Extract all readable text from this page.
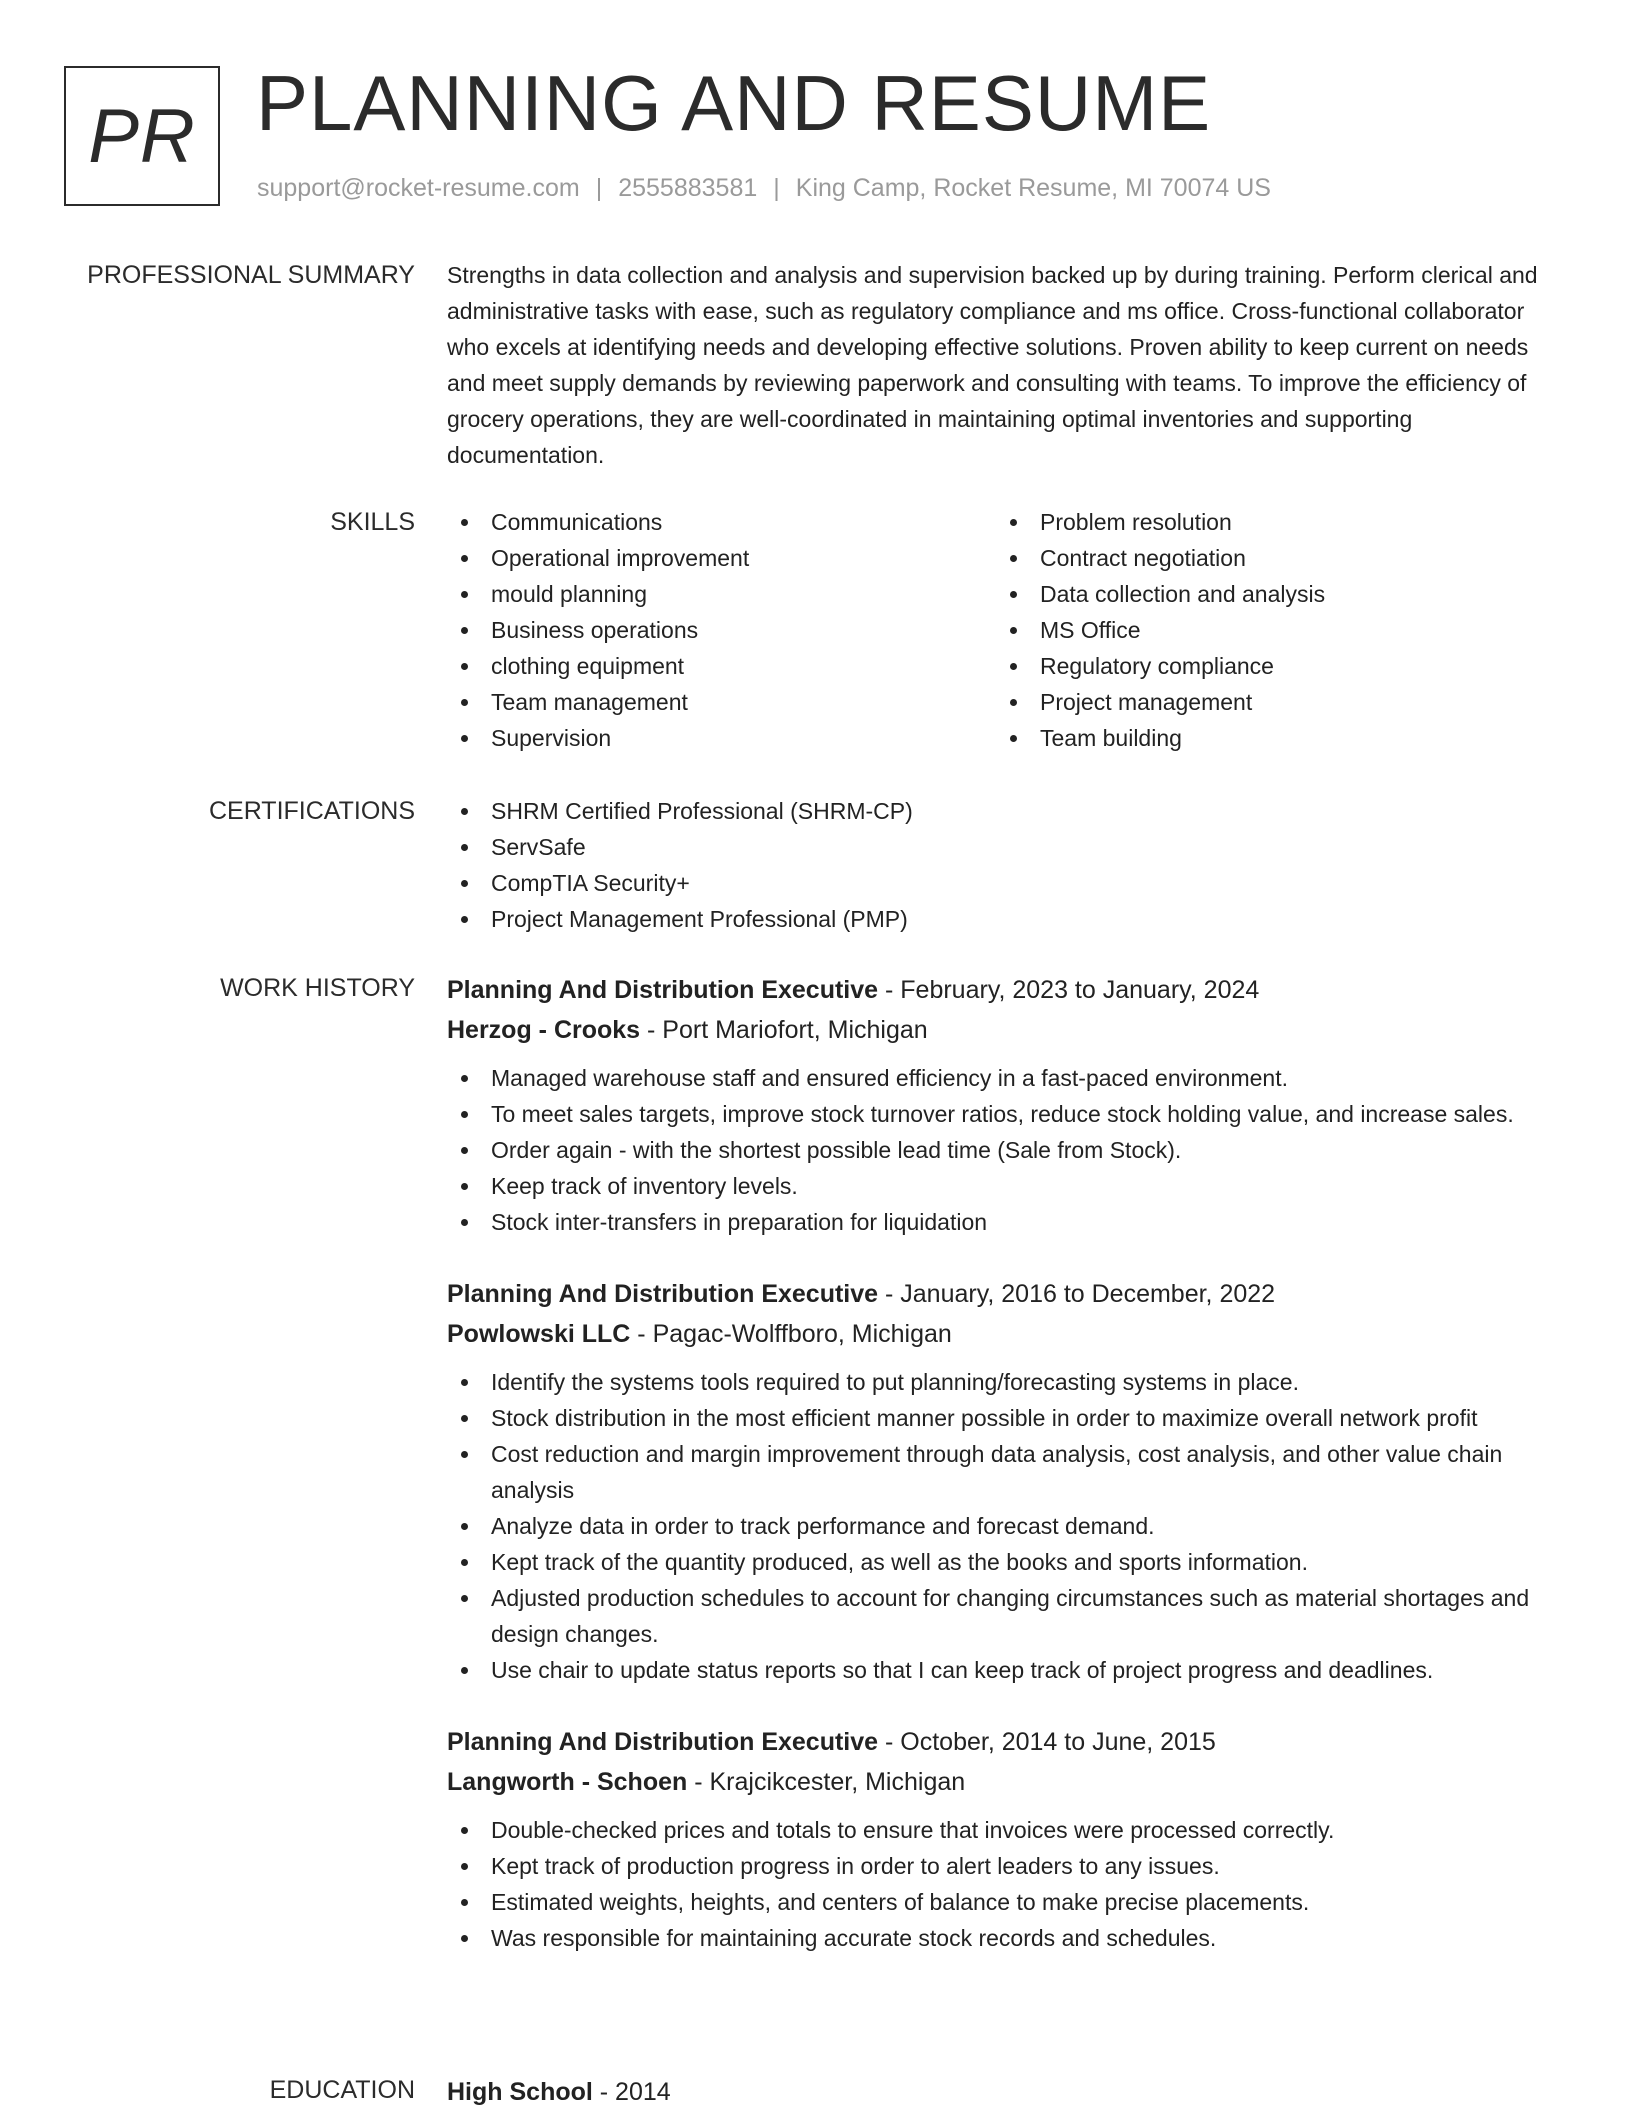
PR PLANNING AND RESUME
support@rocket-resume.com | 2555883581 | King Camp, Rocket Resume, MI 70074 US
PROFESSIONAL SUMMARY Strengths in data collection and analysis and supervision backed up by during training. Perform clerical and administrative tasks with ease, such as regulatory compliance and ms office. Cross-functional collaborator who excels at identifying needs and developing effective solutions. Proven ability to keep current on needs and meet supply demands by reviewing paperwork and consulting with teams. To improve the efficiency of grocery operations, they are well-coordinated in maintaining optimal inventories and supporting documentation.
SKILLS	Communications
Operational improvement
mould planning
Business operations
clothing equipment
Team management
Supervision
Problem resolution
Contract negotiation
Data collection and analysis
MS Office
Regulatory compliance
Project management
Team building
CERTIFICATIONS	SHRM Certified Professional (SHRM-CP)
ServSafe
CompTIA Security+
Project Management Professional (PMP)
WORK HISTORY Planning And Distribution Executive - February, 2023 to January, 2024
Herzog - Crooks - Port Mariofort, Michigan
Managed warehouse staff and ensured efficiency in a fast-paced environment.
To meet sales targets, improve stock turnover ratios, reduce stock holding value, and increase sales.
Order again - with the shortest possible lead time (Sale from Stock).
Keep track of inventory levels.
Stock inter-transfers in preparation for liquidation
Planning And Distribution Executive - January, 2016 to December, 2022
Powlowski LLC - Pagac-Wolffboro, Michigan
Identify the systems tools required to put planning/forecasting systems in place.
Stock distribution in the most efficient manner possible in order to maximize overall network profit
Cost reduction and margin improvement through data analysis, cost analysis, and other value chain analysis
Analyze data in order to track performance and forecast demand.
Kept track of the quantity produced, as well as the books and sports information.
Adjusted production schedules to account for changing circumstances such as material shortages and design changes.
Use chair to update status reports so that I can keep track of project progress and deadlines.
Planning And Distribution Executive - October, 2014 to June, 2015
Langworth - Schoen - Krajcikcester, Michigan
Double-checked prices and totals to ensure that invoices were processed correctly.
Kept track of production progress in order to alert leaders to any issues.
Estimated weights, heights, and centers of balance to make precise placements.
Was responsible for maintaining accurate stock records and schedules.
EDUCATION High School - 2014
